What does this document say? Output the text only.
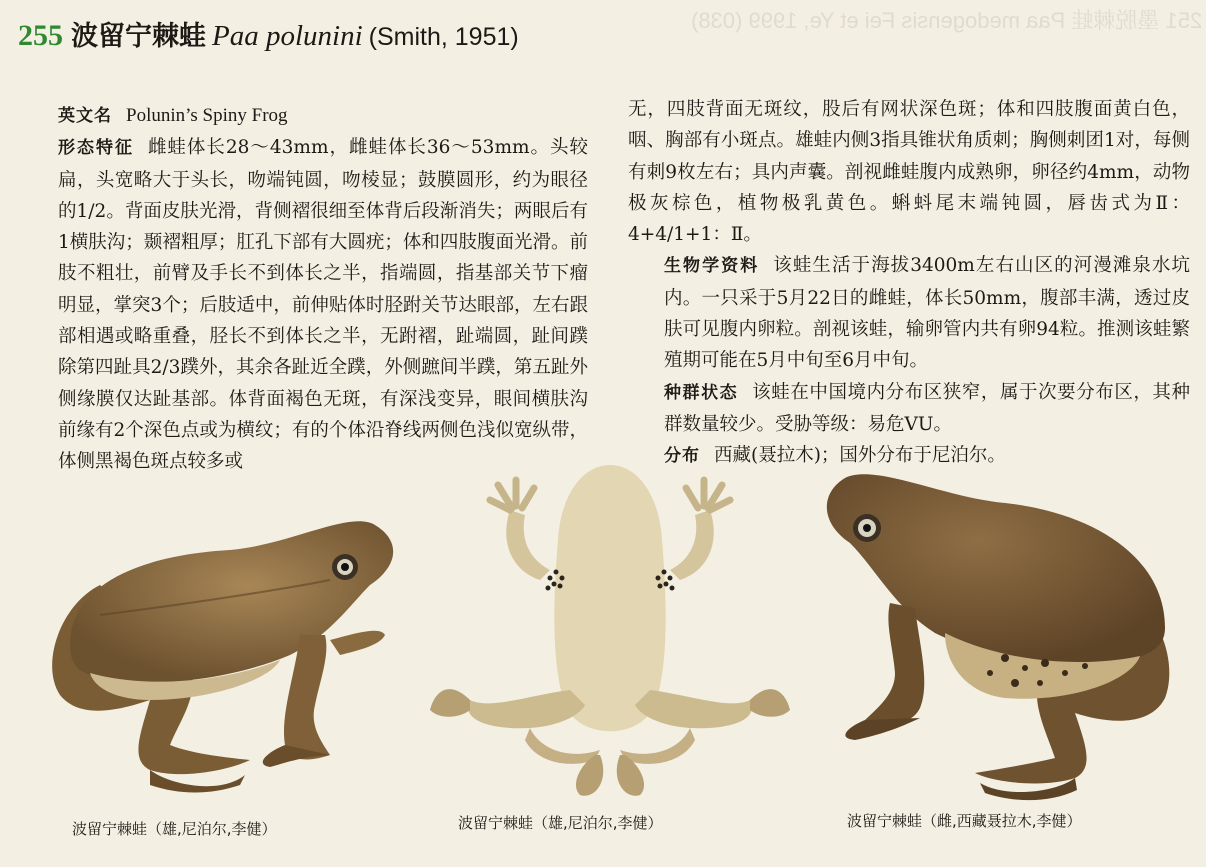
251 墨脱棘蛙 Paa medogensis Fei et Ye, 1999 (038)
255 波留宁棘蛙 Paa polunini (Smith, 1951)

英文名 Polunin’s Spiny Frog

形态特征 雌蛙体长28～43mm，雌蛙体长36～53mm。头较扁，头宽略大于头长，吻端钝圆，吻棱显；鼓膜圆形，约为眼径的1/2。背面皮肤光滑，背侧褶很细至体背后段渐消失；两眼后有1横肤沟；颞褶粗厚；肛孔下部有大圆疣；体和四肢腹面光滑。前肢不粗壮，前臂及手长不到体长之半，指端圆，指基部关节下瘤明显，掌突3个；后肢适中，前伸贴体时胫跗关节达眼部，左右跟部相遇或略重叠，胫长不到体长之半，无跗褶，趾端圆，趾间蹼除第四趾具2/3蹼外，其余各趾近全蹼，外侧蹠间半蹼，第五趾外侧缘膜仅达趾基部。体背面褐色无斑，有深浅变异，眼间横肤沟前缘有2个深色点或为横纹；有的个体沿脊线两侧色浅似宽纵带，体侧黑褐色斑点较多或

无，四肢背面无斑纹，股后有网状深色斑；体和四肢腹面黄白色，咽、胸部有小斑点。雄蛙内侧3指具锥状角质刺；胸侧刺团1对，每侧有刺9枚左右；具内声囊。剖视雌蛙腹内成熟卵，卵径约4mm，动物极灰棕色，植物极乳黄色。蝌蚪尾末端钝圆，唇齿式为Ⅱ：4+4/1+1：Ⅱ。

生物学资料 该蛙生活于海拔3400m左右山区的河漫滩泉水坑内。一只采于5月22日的雌蛙，体长50mm，腹部丰满，透过皮肤可见腹内卵粒。剖视该蛙，输卵管内共有卵94粒。推测该蛙繁殖期可能在5月中旬至6月中旬。

种群状态 该蛙在中国境内分布区狭窄，属于次要分布区，其种群数量较少。受胁等级：易危VU。

分布 西藏(聂拉木)；国外分布于尼泊尔。

波留宁棘蛙（雄,尼泊尔,李健）	波留宁棘蛙（雄,尼泊尔,李健）	波留宁棘蛙（雌,西藏聂拉木,李健）
